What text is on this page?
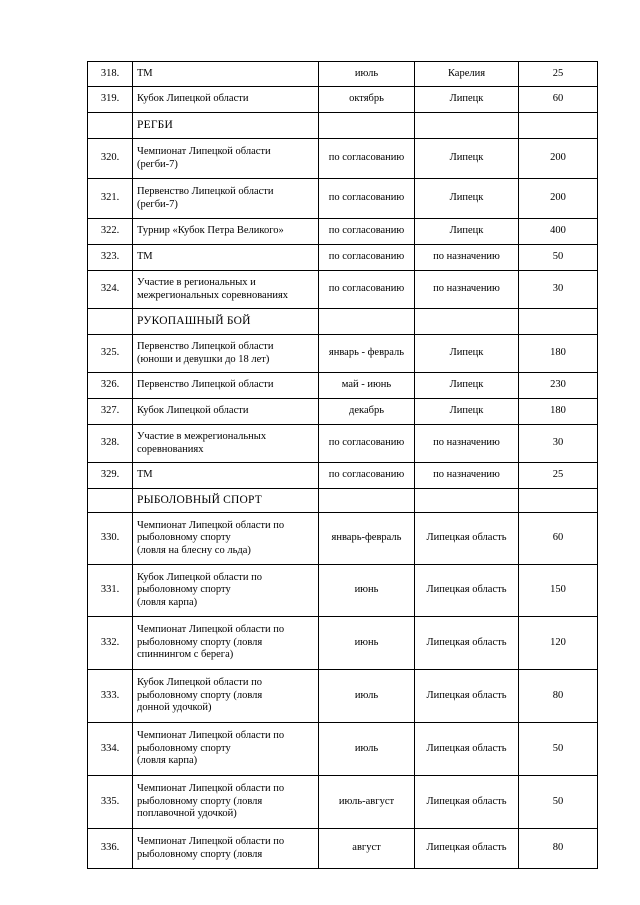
318.	ТМ	июль	Карелия	25
319.	Кубок Липецкой области	октябрь	Липецк	60
	РЕГБИ			
320.	Чемпионат Липецкой области
(регби-7)	по согласованию	Липецк	200
321.	Первенство Липецкой области
(регби-7)	по согласованию	Липецк	200
322.	Турнир «Кубок Петра Великого»	по согласованию	Липецк	400
323.	ТМ	по согласованию	по назначению	50
324.	Участие в региональных и
межрегиональных соревнованиях	по согласованию	по назначению	30
	РУКОПАШНЫЙ БОЙ			
325.	Первенство Липецкой области
(юноши и девушки до 18 лет)	январь - февраль	Липецк	180
326.	Первенство Липецкой области	май - июнь	Липецк	230
327.	Кубок Липецкой области	декабрь	Липецк	180
328.	Участие в межрегиональных
соревнованиях	по согласованию	по назначению	30
329.	ТМ	по согласованию	по назначению	25
	РЫБОЛОВНЫЙ СПОРТ			
330.	Чемпионат Липецкой области по
рыболовному спорту
(ловля на блесну со льда)	январь-февраль	Липецкая область	60
331.	Кубок Липецкой области по
рыболовному спорту
(ловля карпа)	июнь	Липецкая область	150
332.	Чемпионат Липецкой области по
рыболовному спорту (ловля
спиннингом с берега)	июнь	Липецкая область	120
333.	Кубок Липецкой области по
рыболовному спорту (ловля
донной удочкой)	июль	Липецкая область	80
334.	Чемпионат Липецкой области по
рыболовному спорту
(ловля карпа)	июль	Липецкая область	50
335.	Чемпионат Липецкой области по
рыболовному спорту (ловля
поплавочной удочкой)	июль-август	Липецкая область	50
336.	Чемпионат Липецкой области по
рыболовному спорту (ловля	август	Липецкая область	80
